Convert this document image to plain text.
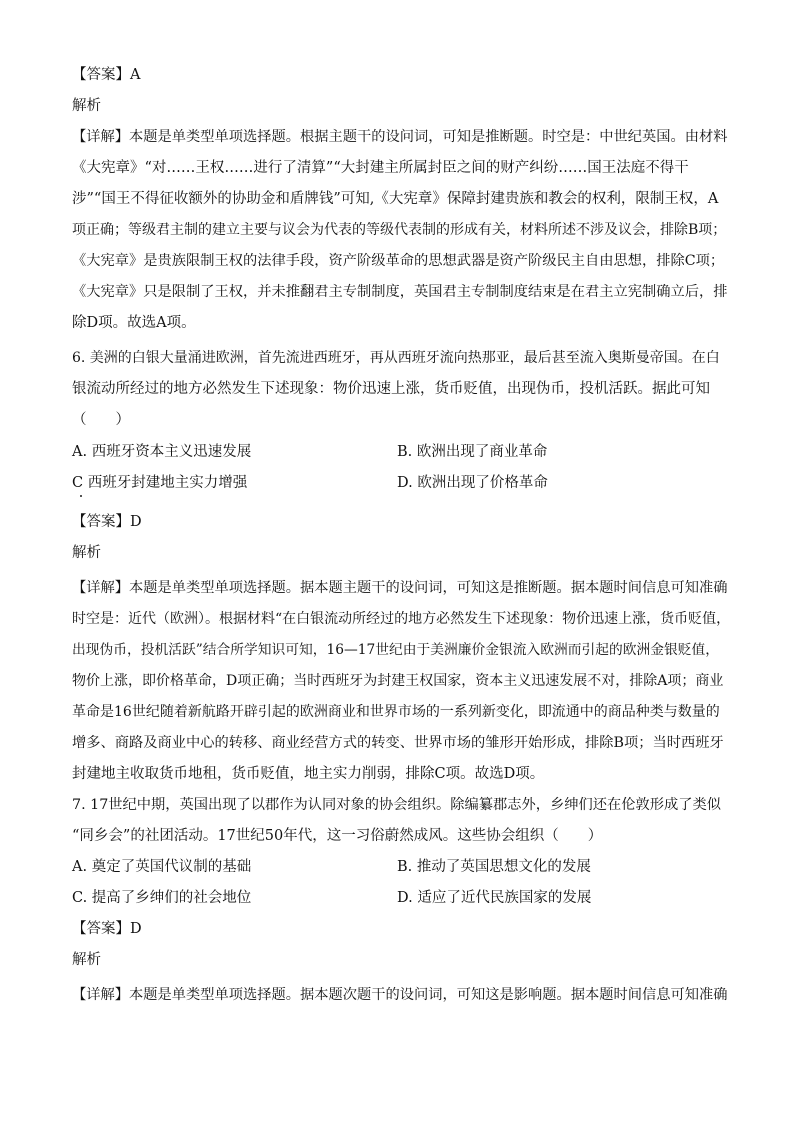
【答案】A
解析
【详解】本题是单类型单项选择题。根据主题干的设问词，可知是推断题。时空是：中世纪英国。由材料
《大宪章》“对……王权……进行了清算”“大封建主所属封臣之间的财产纠纷……国王法庭不得干
涉”“国王不得征收额外的协助金和盾牌钱”可知,《大宪章》保障封建贵族和教会的权利，限制王权，A
项正确；等级君主制的建立主要与议会为代表的等级代表制的形成有关，材料所述不涉及议会，排除B项；
《大宪章》是贵族限制王权的法律手段，资产阶级革命的思想武器是资产阶级民主自由思想，排除C项；
《大宪章》只是限制了王权，并未推翻君主专制制度，英国君主专制制度结束是在君主立宪制确立后，排
除D项。故选A项。
6. 美洲的白银大量涌进欧洲，首先流进西班牙，再从西班牙流向热那亚，最后甚至流入奥斯曼帝国。在白
银流动所经过的地方必然发生下述现象：物价迅速上涨，货币贬值，出现伪币，投机活跃。据此可知
（　　）
A. 西班牙资本主义迅速发展	B. 欧洲出现了商业革命
C 西班牙封建地主实力增强	D. 欧洲出现了价格革命
【答案】D
解析
【详解】本题是单类型单项选择题。据本题主题干的设问词，可知这是推断题。据本题时间信息可知准确
时空是：近代（欧洲）。根据材料“在白银流动所经过的地方必然发生下述现象：物价迅速上涨，货币贬值，
出现伪币，投机活跃”结合所学知识可知，16—17世纪由于美洲廉价金银流入欧洲而引起的欧洲金银贬值，
物价上涨，即价格革命，D项正确；当时西班牙为封建王权国家，资本主义迅速发展不对，排除A项；商业
革命是16世纪随着新航路开辟引起的欧洲商业和世界市场的一系列新变化，即流通中的商品种类与数量的
增多、商路及商业中心的转移、商业经营方式的转变、世界市场的雏形开始形成，排除B项；当时西班牙
封建地主收取货币地租，货币贬值，地主实力削弱，排除C项。故选D项。
7. 17世纪中期，英国出现了以郡作为认同对象的协会组织。除编纂郡志外，乡绅们还在伦敦形成了类似
“同乡会”的社团活动。17世纪50年代，这一习俗蔚然成风。这些协会组织（　　）
A. 奠定了英国代议制的基础	B. 推动了英国思想文化的发展
C. 提高了乡绅们的社会地位	D. 适应了近代民族国家的发展
【答案】D
解析
【详解】本题是单类型单项选择题。据本题次题干的设问词，可知这是影响题。据本题时间信息可知准确
